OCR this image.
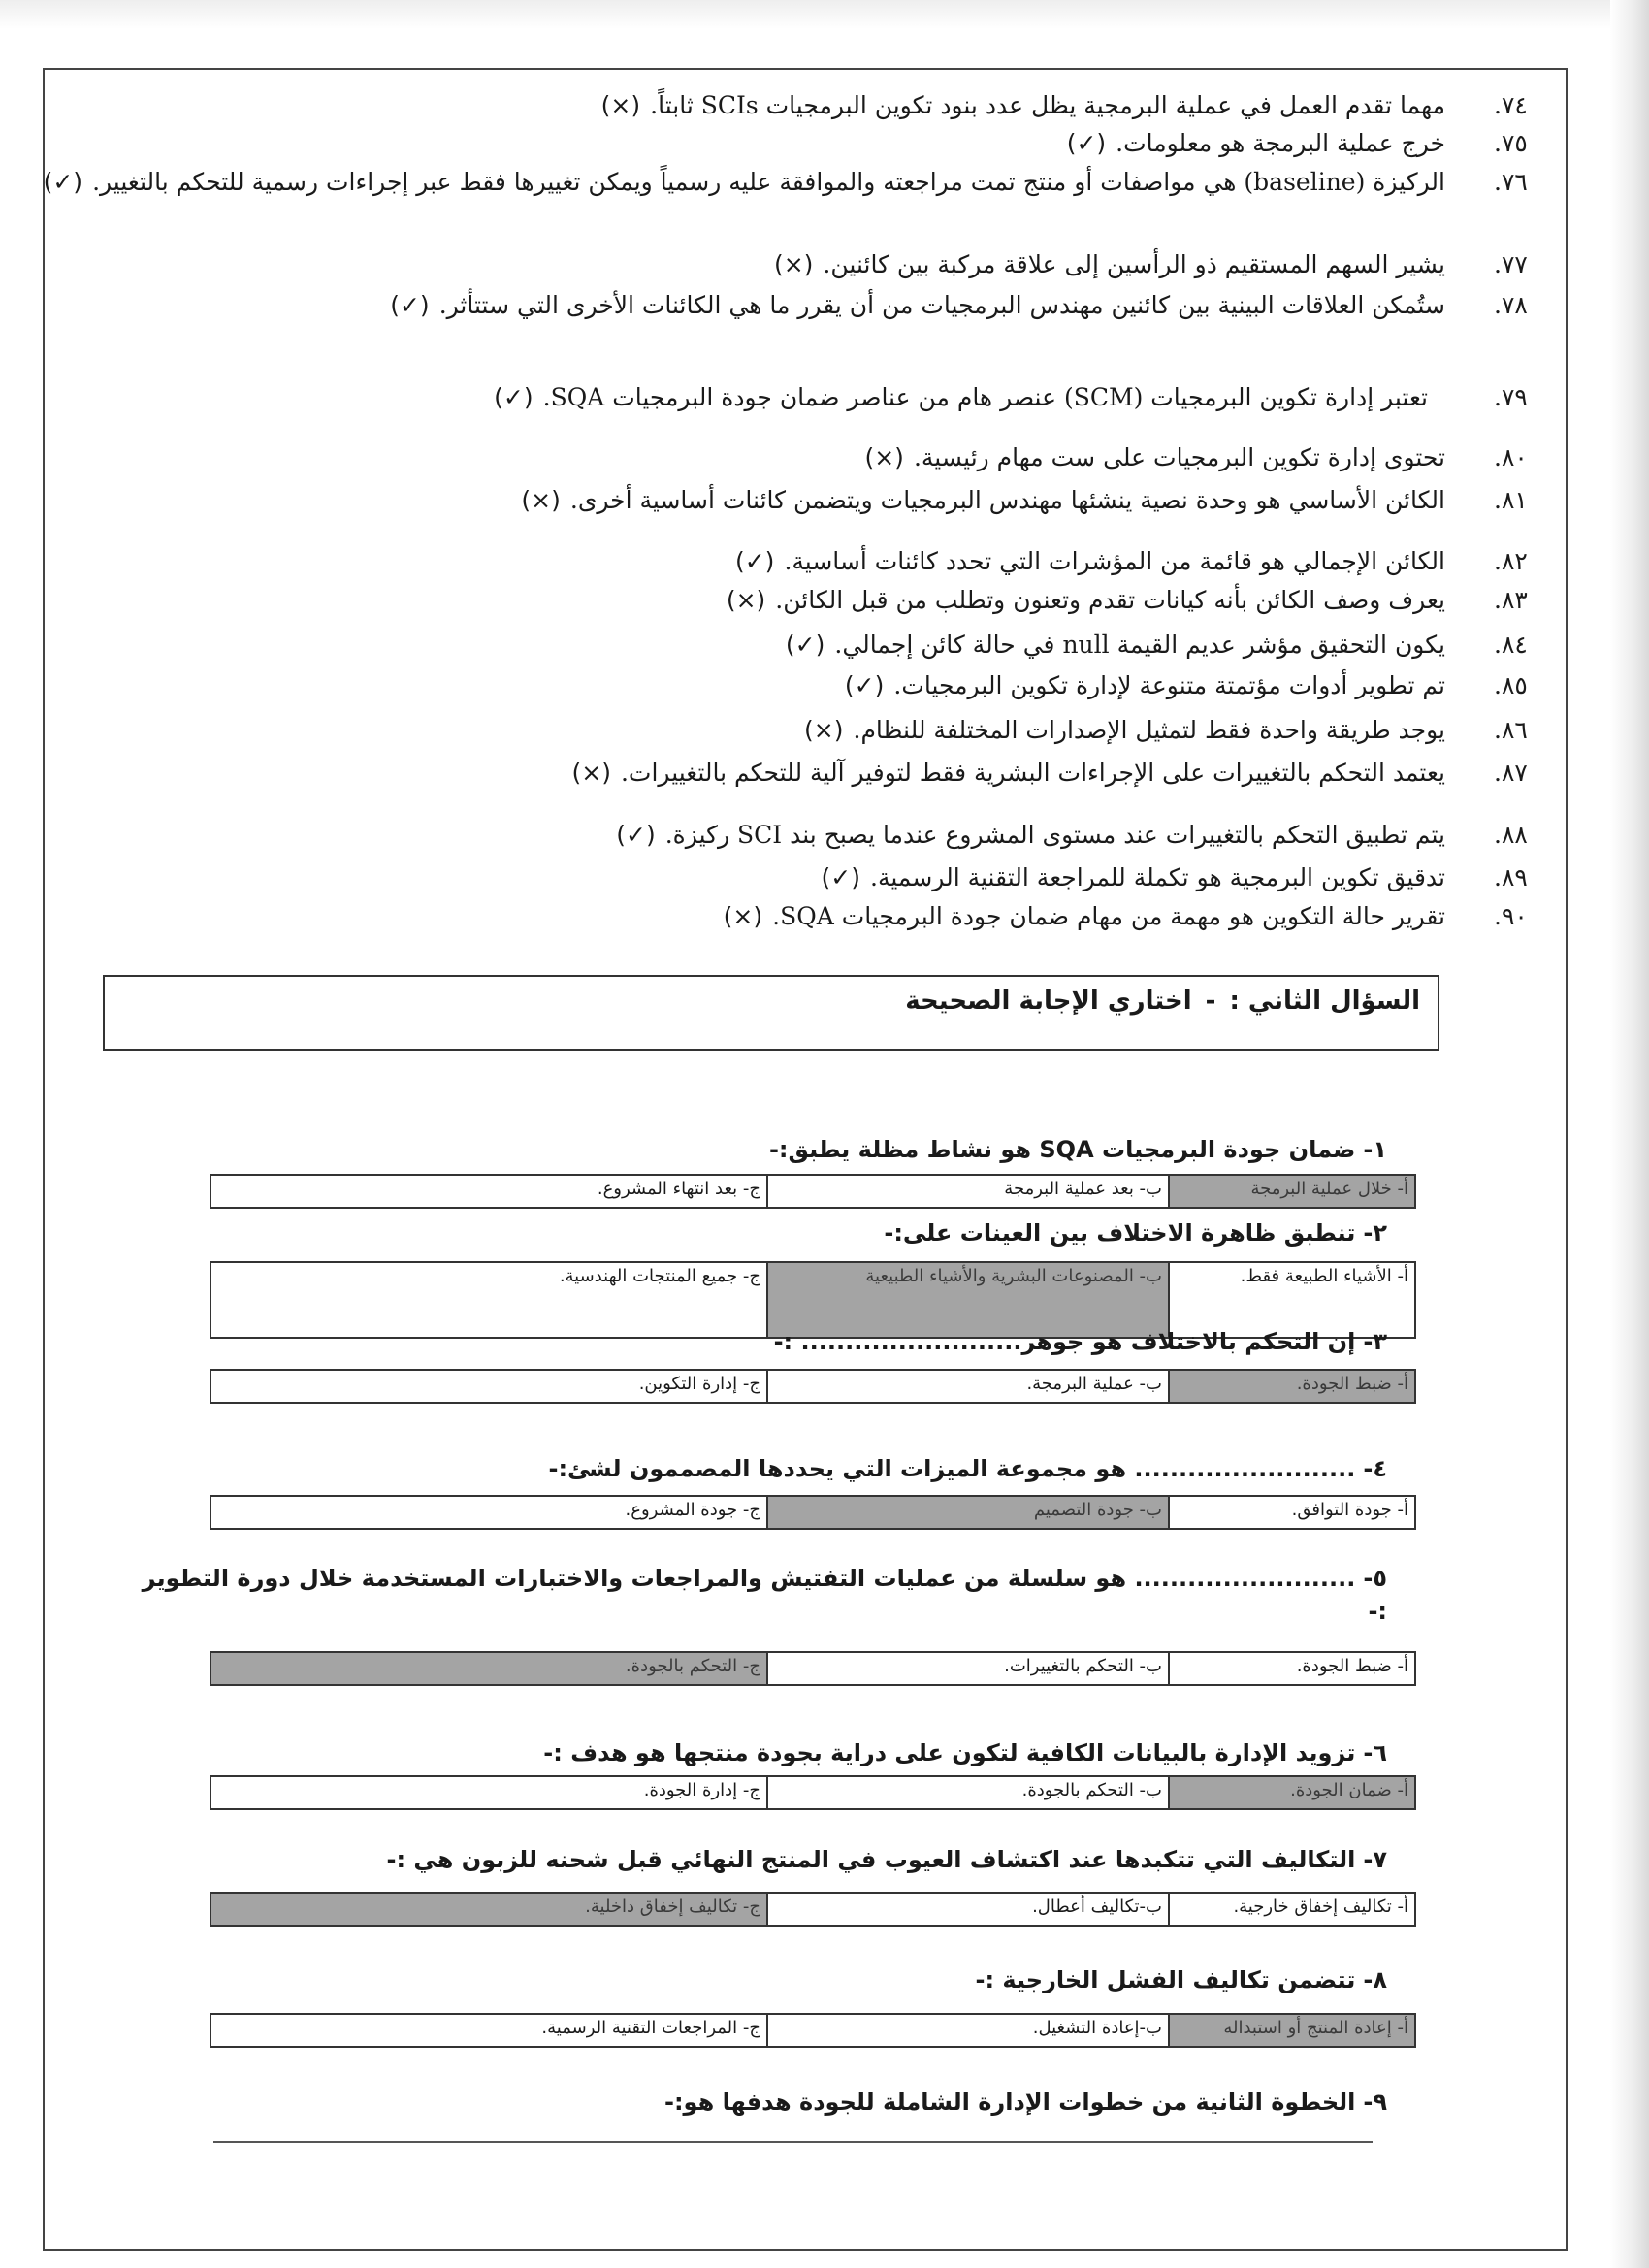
٧٤.
مهما تقدم العمل في عملية البرمجية يظل عدد بنود تكوين البرمجيات SCIs ثابتاً.(×)
٧٥.
خرج عملية البرمجة هو معلومات.(✓)
٧٦.
الركيزة (baseline) هي مواصفات أو منتج تمت مراجعته والموافقة عليه رسمياً ويمكن تغييرها فقط عبر إجراءات رسمية للتحكم بالتغيير.(✓)
٧٧.
يشير السهم المستقيم ذو الرأسين إلى علاقة مركبة بين كائنين.(×)
٧٨.
ستُمكن العلاقات البينية بين كائنين مهندس البرمجيات من أن يقرر ما هي الكائنات الأخرى التي ستتأثر.(✓)
٧٩.
تعتبر إدارة تكوين البرمجيات (SCM) عنصر هام من عناصر ضمان جودة البرمجيات SQA.(✓)
٨٠.
تحتوى إدارة تكوين البرمجيات على ست مهام رئيسية.(×)
٨١.
الكائن الأساسي هو وحدة نصية ينشئها مهندس البرمجيات ويتضمن كائنات أساسية أخرى.(×)
٨٢.
الكائن الإجمالي هو قائمة من المؤشرات التي تحدد كائنات أساسية.(✓)
٨٣.
يعرف وصف الكائن بأنه كيانات تقدم وتعنون وتطلب من قبل الكائن.(×)
٨٤.
يكون التحقيق مؤشر عديم القيمة null في حالة كائن إجمالي.(✓)
٨٥.
تم تطوير أدوات مؤتمتة متنوعة لإدارة تكوين البرمجيات.(✓)
٨٦.
يوجد طريقة واحدة فقط لتمثيل الإصدارات المختلفة للنظام.(×)
٨٧.
يعتمد التحكم بالتغييرات على الإجراءات البشرية فقط لتوفير آلية للتحكم بالتغييرات.(×)
٨٨.
يتم تطبيق التحكم بالتغييرات عند مستوى المشروع عندما يصبح بند SCI ركيزة.(✓)
٨٩.
تدقيق تكوين البرمجية هو تكملة للمراجعة التقنية الرسمية.(✓)
٩٠.
تقرير حالة التكوين هو مهمة من مهام ضمان جودة البرمجيات SQA.(×)
السؤال الثاني :-اختاري الإجابة الصحيحة
١-ضمان جودة البرمجيات SQA هو نشاط مظلة يطبق:-
أ- خلال عملية البرمجة	ب- بعد عملية البرمجة	ج- بعد انتهاء المشروع.
٢-تنطبق ظاهرة الاختلاف بين العينات على:-
أ- الأشياء الطبيعة فقط.	ب- المصنوعات البشرية والأشياء الطبيعية	ج- جميع المنتجات الهندسية.
٣-إن التحكم بالاختلاف هو جوهر......................... :-
أ- ضبط الجودة.	ب- عملية البرمجة.	ج- إدارة التكوين.
٤-......................... هو مجموعة الميزات التي يحددها المصممون لشئ:-
أ- جودة التوافق.	ب- جودة التصميم	ج- جودة المشروع.
٥-......................... هو سلسلة من عمليات التفتيش والمراجعات والاختبارات المستخدمة خلال دورة التطوير :-
أ- ضبط الجودة.	ب- التحكم بالتغييرات.	ج- التحكم بالجودة.
٦-تزويد الإدارة بالبيانات الكافية لتكون على دراية بجودة منتجها هو هدف :-
أ- ضمان الجودة.	ب- التحكم بالجودة.	ج- إدارة الجودة.
٧-التكاليف التي تتكبدها عند اكتشاف العيوب في المنتج النهائي قبل شحنه للزبون هي :-
أ- تكاليف إخفاق خارجية.	ب-تكاليف أعطال.	ج- تكاليف إخفاق داخلية.
٨-تتضمن تكاليف الفشل الخارجية :-
أ- إعادة المنتج أو استبداله	ب-إعادة التشغيل.	ج- المراجعات التقنية الرسمية.
٩-الخطوة الثانية من خطوات الإدارة الشاملة للجودة هدفها هو:-
